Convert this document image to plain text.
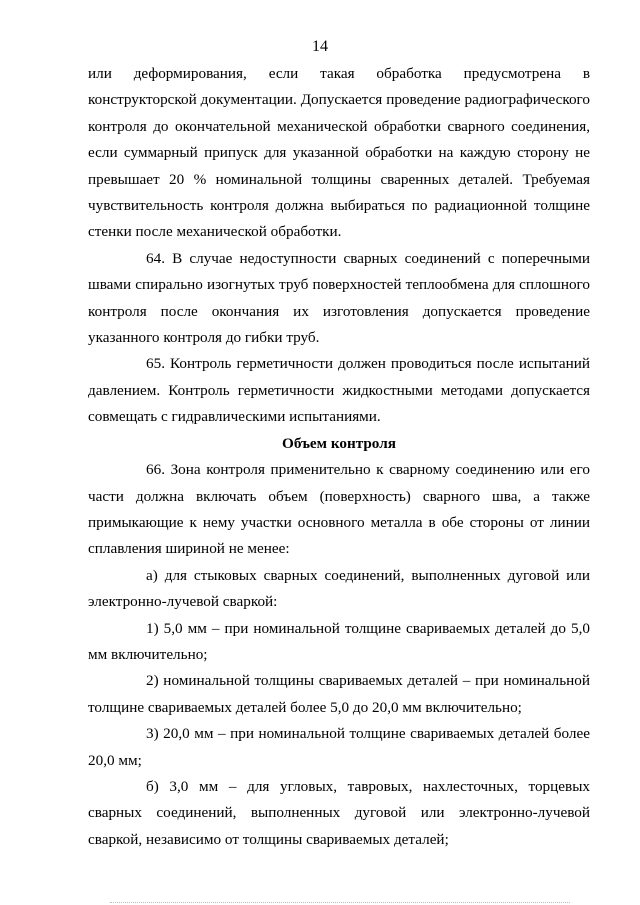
14

или деформирования, если такая обработка предусмотрена в конструкторской документации. Допускается проведение радиографического контроля до окончательной механической обработки сварного соединения, если суммарный припуск для указанной обработки на каждую сторону не превышает 20 % номинальной толщины сваренных деталей. Требуемая чувствительность контроля должна выбираться по радиационной толщине стенки после механической обработки.

64. В случае недоступности сварных соединений с поперечными швами спирально изогнутых труб поверхностей теплообмена для сплошного контроля после окончания их изготовления допускается проведение указанного контроля до гибки труб.

65. Контроль герметичности должен проводиться после испытаний давлением. Контроль герметичности жидкостными методами допускается совмещать с гидравлическими испытаниями.

Объем контроля

66. Зона контроля применительно к сварному соединению или его части должна включать объем (поверхность) сварного шва, а также примыкающие к нему участки основного металла в обе стороны от линии сплавления шириной не менее:

а) для стыковых сварных соединений, выполненных дуговой или электронно-лучевой сваркой:

1) 5,0 мм – при номинальной толщине свариваемых деталей до 5,0 мм включительно;

2) номинальной толщины свариваемых деталей – при номинальной толщине свариваемых деталей более 5,0 до 20,0 мм включительно;

3) 20,0 мм – при номинальной толщине свариваемых деталей более 20,0 мм;

б) 3,0 мм – для угловых, тавровых, нахлесточных, торцевых сварных соединений, выполненных дуговой или электронно-лучевой сваркой, независимо от толщины свариваемых деталей;
